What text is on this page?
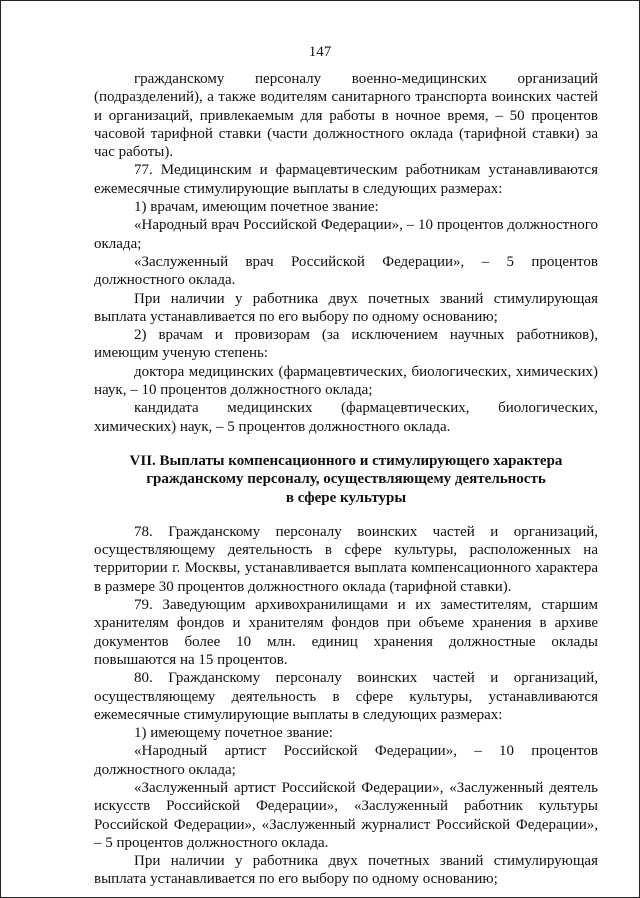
147

гражданскому персоналу военно-медицинских организаций (подразделений), а также водителям санитарного транспорта воинских частей и организаций, привлекаемым для работы в ночное время, – 50 процентов часовой тарифной ставки (части должностного оклада (тарифной ставки) за час работы).

77. Медицинским и фармацевтическим работникам устанавливаются ежемесячные стимулирующие выплаты в следующих размерах:

1) врачам, имеющим почетное звание:

«Народный врач Российской Федерации», – 10 процентов должностного оклада;

«Заслуженный врач Российской Федерации», – 5 процентов должностного оклада.

При наличии у работника двух почетных званий стимулирующая выплата устанавливается по его выбору по одному основанию;

2) врачам и провизорам (за исключением научных работников), имеющим ученую степень:

доктора медицинских (фармацевтических, биологических, химических) наук, – 10 процентов должностного оклада;

кандидата медицинских (фармацевтических, биологических, химических) наук, – 5 процентов должностного оклада.

VII. Выплаты компенсационного и стимулирующего характера
гражданскому персоналу, осуществляющему деятельность
в сфере культуры

78. Гражданскому персоналу воинских частей и организаций, осуществляющему деятельность в сфере культуры, расположенных на территории г. Москвы, устанавливается выплата компенсационного характера в размере 30 процентов должностного оклада (тарифной ставки).

79. Заведующим архивохранилищами и их заместителям, старшим хранителям фондов и хранителям фондов при объеме хранения в архиве документов более 10 млн. единиц хранения должностные оклады повышаются на 15 процентов.

80. Гражданскому персоналу воинских частей и организаций, осуществляющему деятельность в сфере культуры, устанавливаются ежемесячные стимулирующие выплаты в следующих размерах:

1) имеющему почетное звание:

«Народный артист Российской Федерации», – 10 процентов должностного оклада;

«Заслуженный артист Российской Федерации», «Заслуженный деятель искусств Российской Федерации», «Заслуженный работник культуры Российской Федерации», «Заслуженный журналист Российской Федерации», – 5 процентов должностного оклада.

При наличии у работника двух почетных званий стимулирующая выплата устанавливается по его выбору по одному основанию;
